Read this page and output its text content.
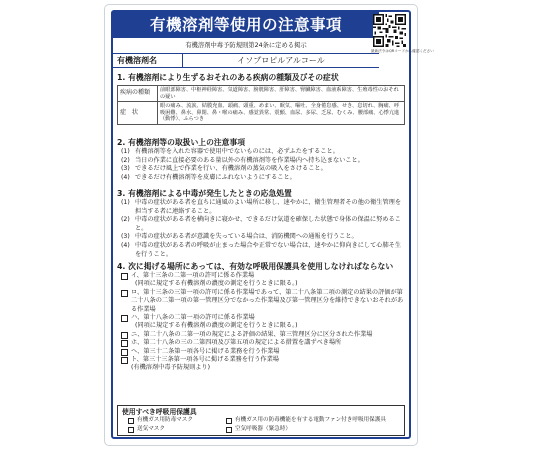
有機溶剤等使用の注意事項
有機溶剤中毒予防規則第24条に定める掲示
最新法令はQRコードから確認ください
有機溶剤名	イソプロピルアルコール
1. 有機溶剤により生ずるおそれのある疾病の種類及びその症状
疾病の種類	前眼部障害、中枢神経障害、気道障害、膀胱障害、肝障害、腎臓障害、血液系障害、生殖毒性のおそれの疑い
症　状	眼の痛み、流涙、結膜充血、頭痛、頭重、めまい、眠気、嘔吐、全身倦怠感、せき、息切れ、胸痛、呼吸困難、鼻水、鼻閉、鼻・喉の痛み、感覚異常、震顫、血尿、多尿、乏尿、むくみ、腰部痛、心悸亢進（動悸）、ふらつき
2. 有機溶剤等の取扱い上の注意事項
(1) 有機溶剤等を入れた容器で使用中でないものには、必ずふたをすること。
(2) 当日の作業に直接必要のある量以外の有機溶剤等を作業場内へ持ち込まないこと。
(3) できるだけ風上で作業を行い、有機溶剤の蒸気の吸入をさけること。
(4) できるだけ有機溶剤等を皮膚にふれないようにすること。
3. 有機溶剤による中毒が発生したときの応急処置
(1) 中毒の症状がある者を直ちに通風のよい場所に移し、速やかに、衛生管理者その他の衛生管理を担当する者に連絡すること。
(2) 中毒の症状がある者を横向きに寝かせ、できるだけ気道を確保した状態で身体の保温に努めること。
(3) 中毒の症状がある者が意識を失っている場合は、消防機関への通報を行うこと。
(4) 中毒の症状がある者の呼吸が止まった場合や正常でない場合は、速やかに仰向きにして心肺そ生を行うこと。
4. 次に掲げる場所にあっては、有効な呼吸用保護具を使用しなければならない
イ、第十三条の二第一項の許可に係る作業場
(同項に規定する有機溶剤の濃度の測定を行うときに限る。)
ロ、第十三条の三第一項の許可に係る作業場であって、第二十八条第二項の測定の結果の評価が第二十八条の二第一項の第一管理区分でなかった作業場及び第一管理区分を維持できないおそれがある作業場
ハ、第十八条の二第一項の許可に係る作業場
(同項に規定する有機溶剤の濃度の測定を行うときに限る。)
ニ、第二十八条の二第一項の規定による評価の結果、第三管理区分に区分された作業場
ホ、第二十八条の三の二第四項及び第五項の規定による措置を講ずべき場所
ヘ、第三十二条第一項各号に掲げる業務を行う作業場
ト、第三十三条第一項各号に掲げる業務を行う作業場
(有機溶剤中毒予防規則より)
使用すべき呼吸用保護具
有機ガス用防毒マスク	有機ガス用の防毒機能を有する電動ファン付き呼吸用保護具
送気マスク	空気呼吸器（緊急時）
